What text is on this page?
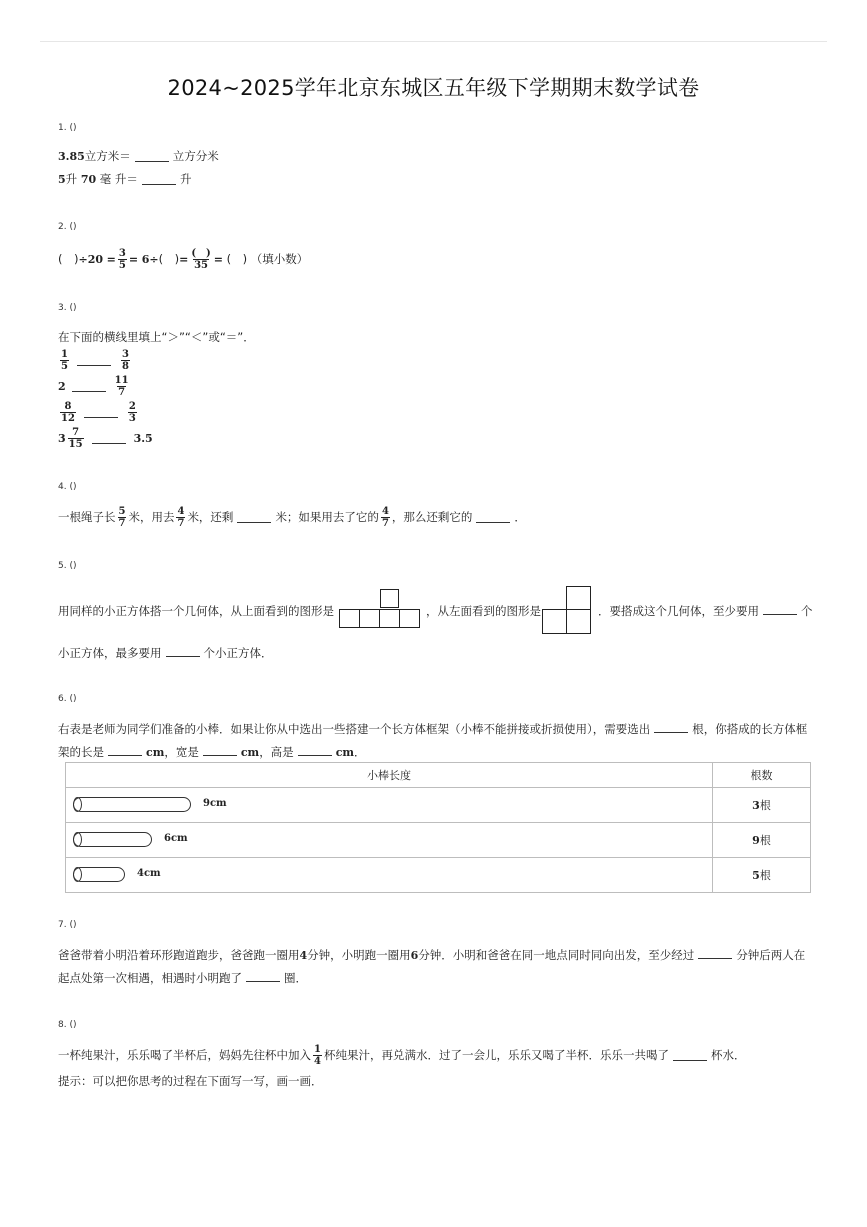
2024~2025学年北京东城区五年级下学期期末数学试卷
1. ()
3.85 立方米＝	立方分米
5 升
70
毫 升＝	升
2. ()
(　) ÷ 20
= $\frac{3}{5}$ =
6 ÷ (　) = $\frac{( )}{35}$ =
(　)
（填小数）
3. ()
在下面的横线里填上“＞”“＜”或“＝”．
$\frac{1}{5}$	$\frac{3}{8}$
2	$\frac{11}{7}$
$\frac{8}{12}$	$\frac{2}{3}$
$3 \frac{7}{15}$	3.5
4. ()
一根绳子长 $\frac{5}{7}$ 米，用去 $\frac{4}{7}$ 米，还剩	米；如果用去了它的 $\frac{4}{7}$ ，那么还剩它的	．
5. ()
用同样的小正方体搭一个几何体，从上面看到的图形是	，从左面看到的图形是	．要搭成这个几何体，至少要用	个
小正方体，最多要用	个小正方体．
6. ()
右表是老师为同学们准备的小棒．如果让你从中选出一些搭建一个长方体框架（小棒不能拼接或折损使用），需要选出	根，你搭成的长方体框
架的长是	cm，宽是	cm，高是	cm．
小棒长度	根数

9cm	3根

6cm	9根

4cm	5根
7. ()
爸爸带着小明沿着环形跑道跑步，爸爸跑一圈用4分钟，小明跑一圈用6分钟．小明和爸爸在同一地点同时同向出发，至少经过	分钟后两人在
起点处第一次相遇，相遇时小明跑了	圈．
8. ()
一杯纯果汁，乐乐喝了半杯后，妈妈先往杯中加入 $\frac{1}{4}$ 杯纯果汁，再兑满水．过了一会儿，乐乐又喝了半杯．乐乐一共喝了	杯水．
提示：可以把你思考的过程在下面写一写，画一画．
